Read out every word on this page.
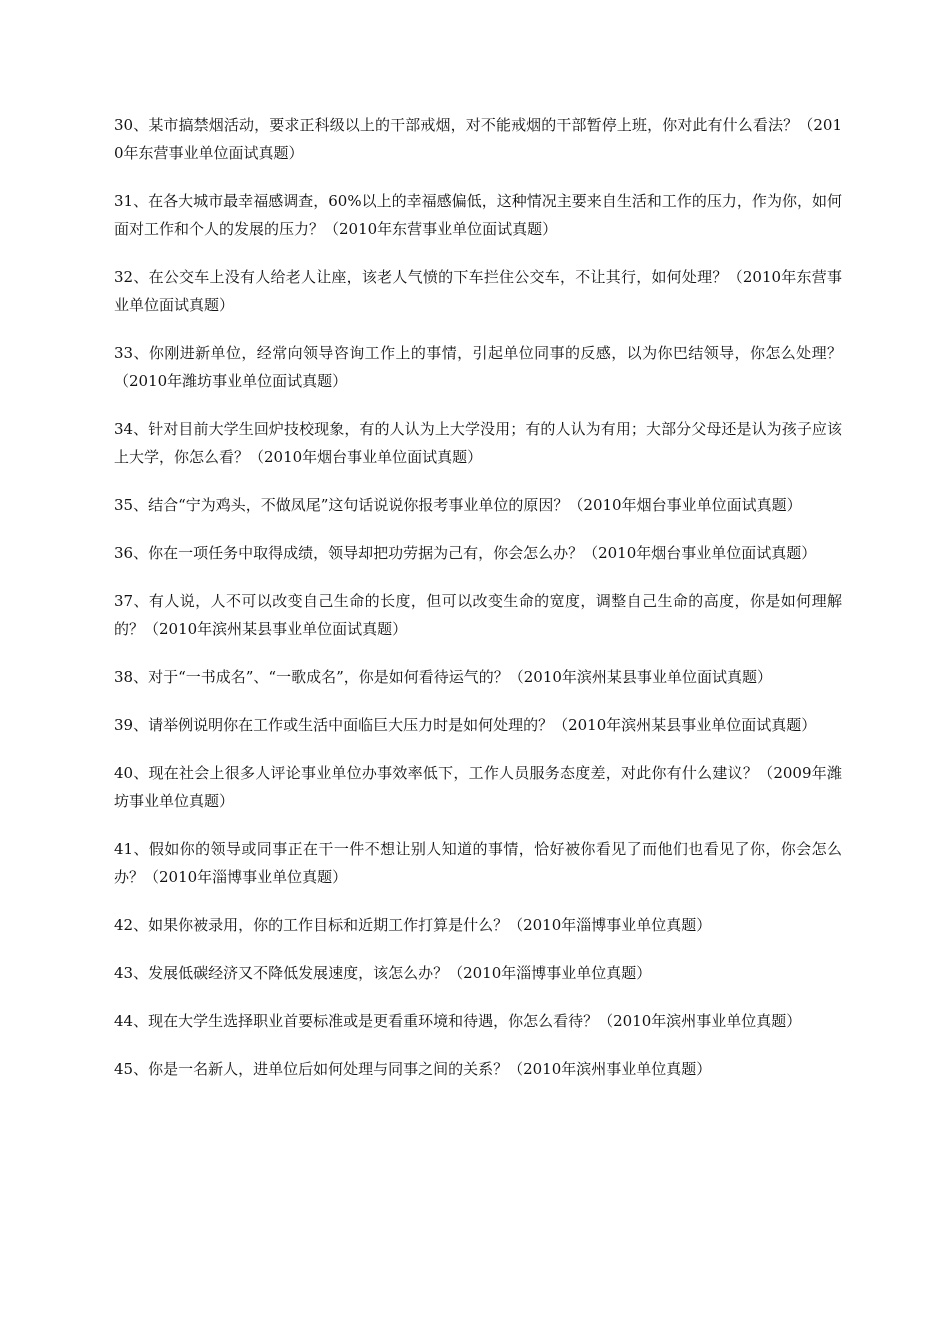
30、某市搞禁烟活动，要求正科级以上的干部戒烟，对不能戒烟的干部暂停上班，你对此有什么看法？（2010年东营事业单位面试真题）
31、在各大城市最幸福感调查，60%以上的幸福感偏低，这种情况主要来自生活和工作的压力，作为你，如何面对工作和个人的发展的压力？（2010年东营事业单位面试真题）
32、在公交车上没有人给老人让座，该老人气愤的下车拦住公交车，不让其行，如何处理？（2010年东营事业单位面试真题）
33、你刚进新单位，经常向领导咨询工作上的事情，引起单位同事的反感，以为你巴结领导，你怎么处理？（2010年潍坊事业单位面试真题）
34、针对目前大学生回炉技校现象，有的人认为上大学没用；有的人认为有用；大部分父母还是认为孩子应该上大学，你怎么看？（2010年烟台事业单位面试真题）
35、结合“宁为鸡头，不做凤尾”这句话说说你报考事业单位的原因？（2010年烟台事业单位面试真题）
36、你在一项任务中取得成绩，领导却把功劳据为己有，你会怎么办？（2010年烟台事业单位面试真题）
37、有人说，人不可以改变自己生命的长度，但可以改变生命的宽度，调整自己生命的高度，你是如何理解的？（2010年滨州某县事业单位面试真题）
38、对于“一书成名”、“一歌成名”，你是如何看待运气的？（2010年滨州某县事业单位面试真题）
39、请举例说明你在工作或生活中面临巨大压力时是如何处理的？（2010年滨州某县事业单位面试真题）
40、现在社会上很多人评论事业单位办事效率低下，工作人员服务态度差，对此你有什么建议？（2009年潍坊事业单位真题）
41、假如你的领导或同事正在干一件不想让别人知道的事情，恰好被你看见了而他们也看见了你，你会怎么办？（2010年淄博事业单位真题）
42、如果你被录用，你的工作目标和近期工作打算是什么？（2010年淄博事业单位真题）
43、发展低碳经济又不降低发展速度，该怎么办？（2010年淄博事业单位真题）
44、现在大学生选择职业首要标准或是更看重环境和待遇，你怎么看待？（2010年滨州事业单位真题）
45、你是一名新人，进单位后如何处理与同事之间的关系？（2010年滨州事业单位真题）
